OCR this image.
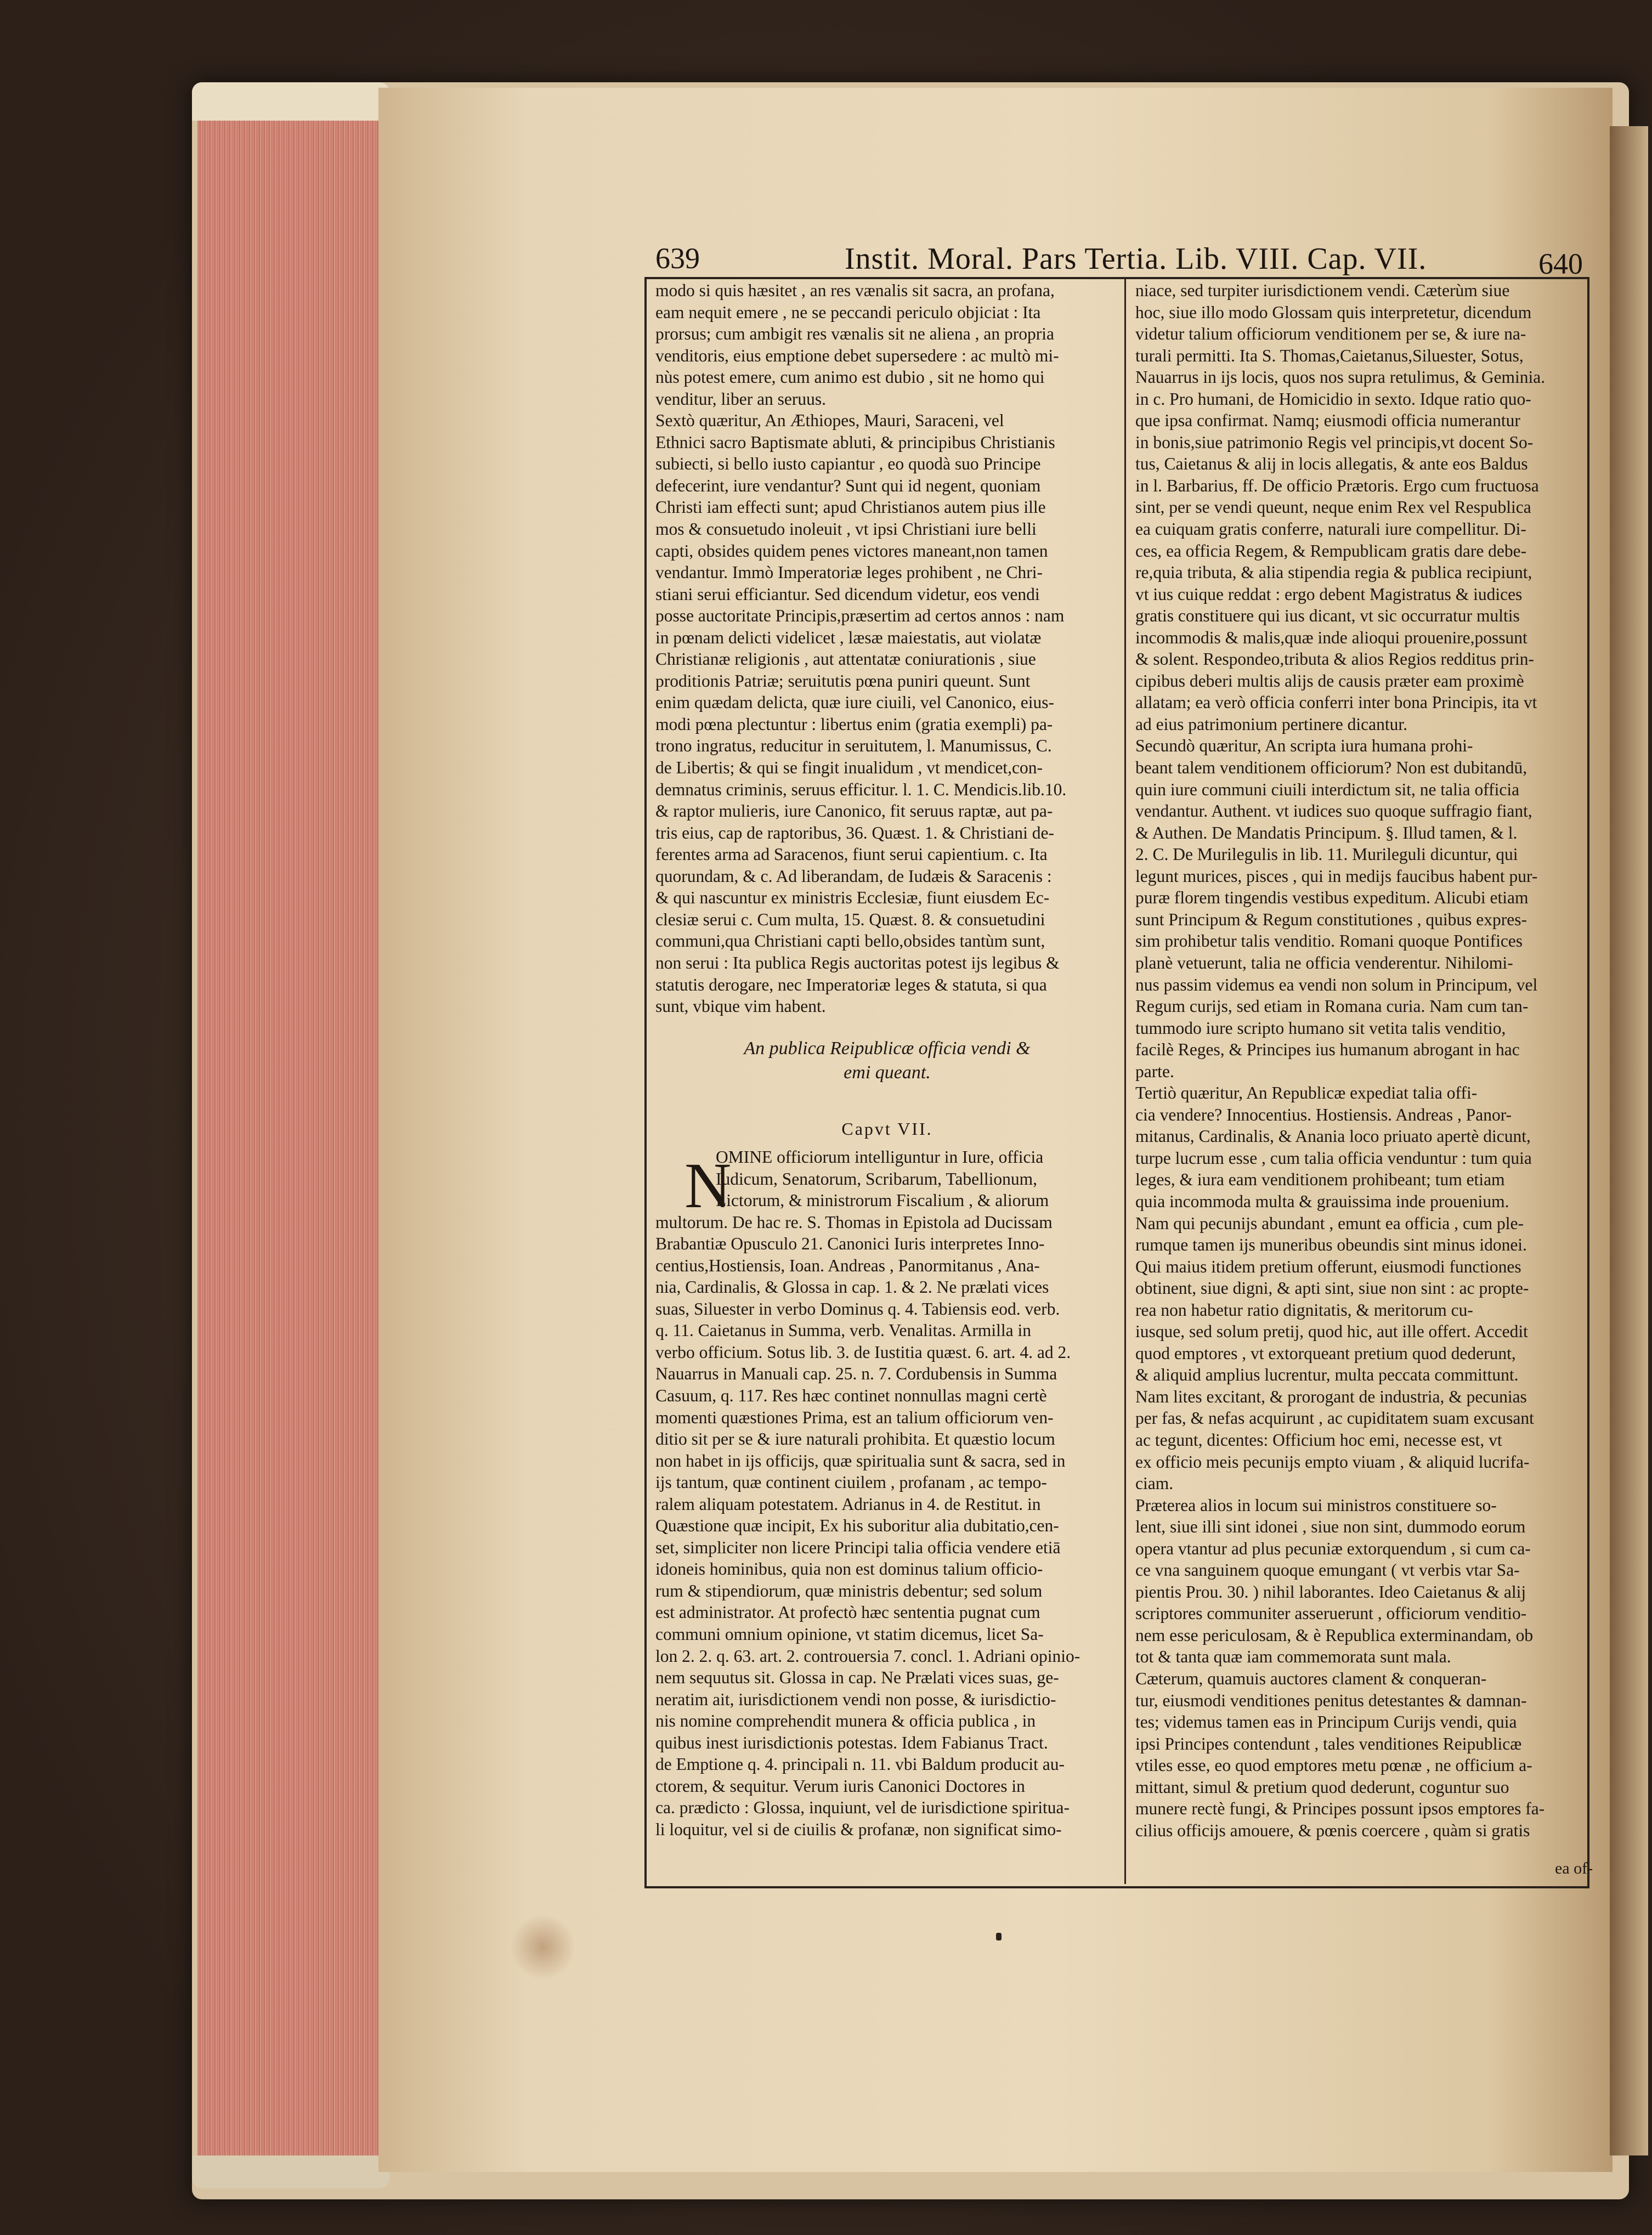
639	Instit. Moral. Pars Tertia. Lib. VIII. Cap. VII.	640
modo si quis hæsitet , an res vænalis sit sacra, an profana,
eam nequit emere , ne se peccandi periculo objiciat : Ita
prorsus; cum ambigit res vænalis sit ne aliena , an propria
venditoris, eius emptione debet supersedere : ac multò mi-
nùs potest emere, cum animo est dubio , sit ne homo qui
venditur, liber an seruus.
Sextò quæritur, An Æthiopes, Mauri, Saraceni, vel
Ethnici sacro Baptismate abluti, & principibus Christianis
subiecti, si bello iusto capiantur , eo quodà suo Principe
defecerint, iure vendantur? Sunt qui id negent, quoniam
Christi iam effecti sunt; apud Christianos autem pius ille
mos & consuetudo inoleuit , vt ipsi Christiani iure belli
capti, obsides quidem penes victores maneant,non tamen
vendantur. Immò Imperatoriæ leges prohibent , ne Chri-
stiani serui efficiantur. Sed dicendum videtur, eos vendi
posse auctoritate Principis,præsertim ad certos annos : nam
in pœnam delicti videlicet , læsæ maiestatis, aut violatæ
Christianæ religionis , aut attentatæ coniurationis , siue
proditionis Patriæ; seruitutis pœna puniri queunt. Sunt
enim quædam delicta, quæ iure ciuili, vel Canonico, eius-
modi pœna plectuntur : libertus enim (gratia exempli) pa-
trono ingratus, reducitur in seruitutem, l. Manumissus, C.
de Libertis; & qui se fingit inualidum , vt mendicet,con-
demnatus criminis, seruus efficitur. l. 1. C. Mendicis.lib.10.
& raptor mulieris, iure Canonico, fit seruus raptæ, aut pa-
tris eius, cap de raptoribus, 36. Quæst. 1. & Christiani de-
ferentes arma ad Saracenos, fiunt serui capientium. c. Ita
quorundam, & c. Ad liberandam, de Iudæis & Saracenis :
& qui nascuntur ex ministris Ecclesiæ, fiunt eiusdem Ec-
clesiæ serui c. Cum multa, 15. Quæst. 8. & consuetudini
communi,qua Christiani capti bello,obsides tantùm sunt,
non serui : Ita publica Regis auctoritas potest ijs legibus &
statutis derogare, nec Imperatoriæ leges & statuta, si qua
sunt, vbique vim habent.
An publica Reipublicæ officia vendi &
emi queant.
Capvt VII.
N
OMINE officiorum intelliguntur in Iure, officia
Iudicum, Senatorum, Scribarum, Tabellionum,
Lictorum, & ministrorum Fiscalium , & aliorum
multorum. De hac re. S. Thomas in Epistola ad Ducissam
Brabantiæ Opusculo 21. Canonici Iuris interpretes Inno-
centius,Hostiensis, Ioan. Andreas , Panormitanus , Ana-
nia, Cardinalis, & Glossa in cap. 1. & 2. Ne prælati vices
suas, Siluester in verbo Dominus q. 4. Tabiensis eod. verb.
q. 11. Caietanus in Summa, verb. Venalitas. Armilla in
verbo officium. Sotus lib. 3. de Iustitia quæst. 6. art. 4. ad 2.
Nauarrus in Manuali cap. 25. n. 7. Cordubensis in Summa
Casuum, q. 117. Res hæc continet nonnullas magni certè
momenti quæstiones Prima, est an talium officiorum ven-
ditio sit per se & iure naturali prohibita. Et quæstio locum
non habet in ijs officijs, quæ spiritualia sunt & sacra, sed in
ijs tantum, quæ continent ciuilem , profanam , ac tempo-
ralem aliquam potestatem. Adrianus in 4. de Restitut. in
Quæstione quæ incipit, Ex his suboritur alia dubitatio,cen-
set, simpliciter non licere Principi talia officia vendere etiā
idoneis hominibus, quia non est dominus talium officio-
rum & stipendiorum, quæ ministris debentur; sed solum
est administrator. At profectò hæc sententia pugnat cum
communi omnium opinione, vt statim dicemus, licet Sa-
lon 2. 2. q. 63. art. 2. controuersia 7. concl. 1. Adriani opinio-
nem sequutus sit. Glossa in cap. Ne Prælati vices suas, ge-
neratim ait, iurisdictionem vendi non posse, & iurisdictio-
nis nomine comprehendit munera & officia publica , in
quibus inest iurisdictionis potestas. Idem Fabianus Tract.
de Emptione q. 4. principali n. 11. vbi Baldum producit au-
ctorem, & sequitur. Verum iuris Canonici Doctores in
ca. prædicto : Glossa, inquiunt, vel de iurisdictione spiritua-
li loquitur, vel si de ciuilis & profanæ, non significat simo-
niace, sed turpiter iurisdictionem vendi. Cæterùm siue
hoc, siue illo modo Glossam quis interpretetur, dicendum
videtur talium officiorum venditionem per se, & iure na-
turali permitti. Ita S. Thomas,Caietanus,Siluester, Sotus,
Nauarrus in ijs locis, quos nos supra retulimus, & Geminia.
in c. Pro humani, de Homicidio in sexto. Idque ratio quo-
que ipsa confirmat. Namq; eiusmodi officia numerantur
in bonis,siue patrimonio Regis vel principis,vt docent So-
tus, Caietanus & alij in locis allegatis, & ante eos Baldus
in l. Barbarius, ff. De officio Prætoris. Ergo cum fructuosa
sint, per se vendi queunt, neque enim Rex vel Respublica
ea cuiquam gratis conferre, naturali iure compellitur. Di-
ces, ea officia Regem, & Rempublicam gratis dare debe-
re,quia tributa, & alia stipendia regia & publica recipiunt,
vt ius cuique reddat : ergo debent Magistratus & iudices
gratis constituere qui ius dicant, vt sic occurratur multis
incommodis & malis,quæ inde alioqui prouenire,possunt
& solent. Respondeo,tributa & alios Regios redditus prin-
cipibus deberi multis alijs de causis præter eam proximè
allatam; ea verò officia conferri inter bona Principis, ita vt
ad eius patrimonium pertinere dicantur.
Secundò quæritur, An scripta iura humana prohi-
beant talem venditionem officiorum? Non est dubitandū,
quin iure communi ciuili interdictum sit, ne talia officia
vendantur. Authent. vt iudices suo quoque suffragio fiant,
& Authen. De Mandatis Principum. §. Illud tamen, & l.
2. C. De Murilegulis in lib. 11. Murileguli dicuntur, qui
legunt murices, pisces , qui in medijs faucibus habent pur-
puræ florem tingendis vestibus expeditum. Alicubi etiam
sunt Principum & Regum constitutiones , quibus expres-
sim prohibetur talis venditio. Romani quoque Pontifices
planè vetuerunt, talia ne officia venderentur. Nihilomi-
nus passim videmus ea vendi non solum in Principum, vel
Regum curijs, sed etiam in Romana curia. Nam cum tan-
tummodo iure scripto humano sit vetita talis venditio,
facilè Reges, & Principes ius humanum abrogant in hac
parte.
Tertiò quæritur, An Republicæ expediat talia offi-
cia vendere? Innocentius. Hostiensis. Andreas , Panor-
mitanus, Cardinalis, & Anania loco priuato apertè dicunt,
turpe lucrum esse , cum talia officia venduntur : tum quia
leges, & iura eam venditionem prohibeant; tum etiam
quia incommoda multa & grauissima inde prouenium.
Nam qui pecunijs abundant , emunt ea officia , cum ple-
rumque tamen ijs muneribus obeundis sint minus idonei.
Qui maius itidem pretium offerunt, eiusmodi functiones
obtinent, siue digni, & apti sint, siue non sint : ac propte-
rea non habetur ratio dignitatis, & meritorum cu-
iusque, sed solum pretij, quod hic, aut ille offert. Accedit
quod emptores , vt extorqueant pretium quod dederunt,
& aliquid amplius lucrentur, multa peccata committunt.
Nam lites excitant, & prorogant de industria, & pecunias
per fas, & nefas acquirunt , ac cupiditatem suam excusant
ac tegunt, dicentes: Officium hoc emi, necesse est, vt
ex officio meis pecunijs empto viuam , & aliquid lucrifa-
ciam.
Præterea alios in locum sui ministros constituere so-
lent, siue illi sint idonei , siue non sint, dummodo eorum
opera vtantur ad plus pecuniæ extorquendum , si cum ca-
ce vna sanguinem quoque emungant ( vt verbis vtar Sa-
pientis Prou. 30. ) nihil laborantes. Ideo Caietanus & alij
scriptores communiter asseruerunt , officiorum venditio-
nem esse periculosam, & è Republica exterminandam, ob
tot & tanta quæ iam commemorata sunt mala.
Cæterum, quamuis auctores clament & conqueran-
tur, eiusmodi venditiones penitus detestantes & damnan-
tes; videmus tamen eas in Principum Curijs vendi, quia
ipsi Principes contendunt , tales venditiones Reipublicæ
vtiles esse, eo quod emptores metu pœnæ , ne officium a-
mittant, simul & pretium quod dederunt, coguntur suo
munere rectè fungi, & Principes possunt ipsos emptores fa-
cilius officijs amouere, & pœnis coercere , quàm si gratis
ea of-
